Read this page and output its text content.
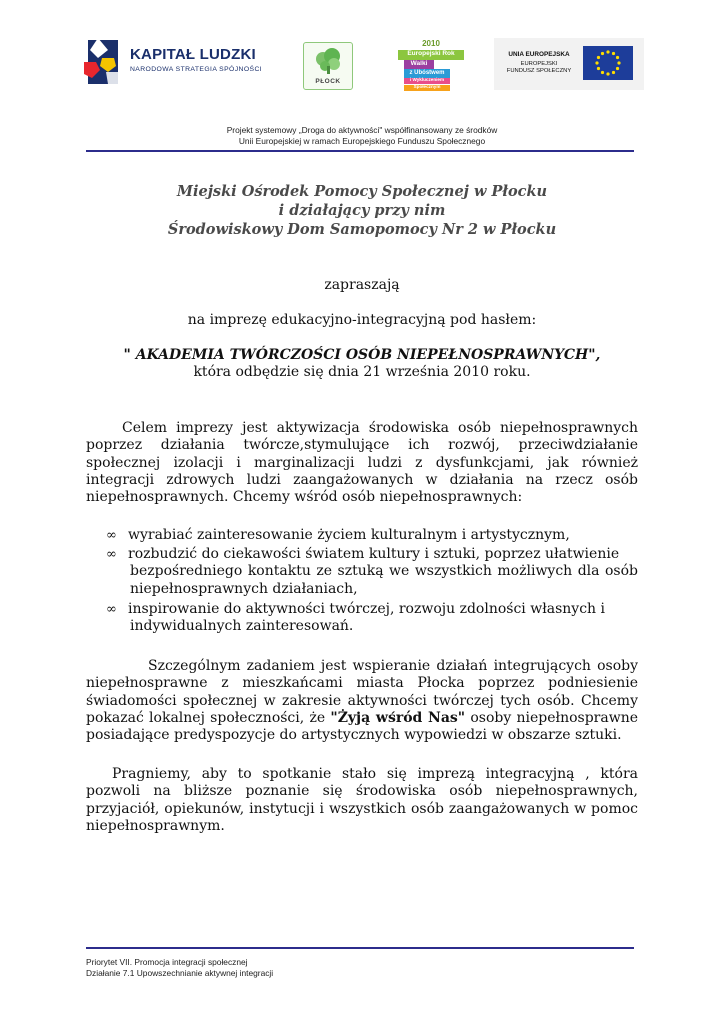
KAPITAŁ LUDZKI
NARODOWA STRATEGIA SPÓJNOŚCI
PŁOCK
2010
Europejski Rok
Walki
z Ubóstwem
i Wykluczeniem
Społecznym
UNIA EUROPEJSKA
EUROPEJSKI
FUNDUSZ SPOŁECZNY
Projekt systemowy „Droga do aktywności" współfinansowany ze środków
Unii Europejskiej w ramach Europejskiego Funduszu Społecznego
Miejski Ośrodek Pomocy Społecznej w Płocku
i działający przy nim
Środowiskowy Dom Samopomocy Nr 2 w Płocku
zapraszają
na imprezę edukacyjno-integracyjną pod hasłem:
" AKADEMIA TWÓRCZOŚCI OSÓB NIEPEŁNOSPRAWNYCH",
która odbędzie się dnia 21 września 2010 roku.
Celem imprezy jest aktywizacja środowiska osób niepełnosprawnych poprzez działania twórcze,stymulujące ich rozwój, przeciwdziałanie społecznej izolacji i marginalizacji ludzi z dysfunkcjami, jak również integracji zdrowych ludzi zaangażowanych w działania na rzecz osób niepełnosprawnych. Chcemy wśród osób niepełnosprawnych:
∞ wyrabiać zainteresowanie życiem kulturalnym i artystycznym,
∞ rozbudzić do ciekawości światem kultury i sztuki, poprzez ułatwienie
bezpośredniego kontaktu ze sztuką we wszystkich możliwych dla osób niepełnosprawnych działaniach,
∞ inspirowanie do aktywności twórczej, rozwoju zdolności własnych i
indywidualnych zainteresowań.
Szczególnym zadaniem jest wspieranie działań integrujących osoby niepełnosprawne z mieszkańcami miasta Płocka poprzez podniesienie świadomości społecznej w zakresie aktywności twórczej tych osób. Chcemy pokazać lokalnej społeczności, że "Żyją wśród Nas" osoby niepełnosprawne posiadające predyspozycje do artystycznych wypowiedzi w obszarze sztuki.
Pragniemy, aby to spotkanie stało się imprezą integracyjną , która pozwoli na bliższe poznanie się środowiska osób niepełnosprawnych, przyjaciół, opiekunów, instytucji i wszystkich osób zaangażowanych w pomoc niepełnosprawnym.
Priorytet VII. Promocja integracji społecznej
Działanie 7.1 Upowszechnianie aktywnej integracji
